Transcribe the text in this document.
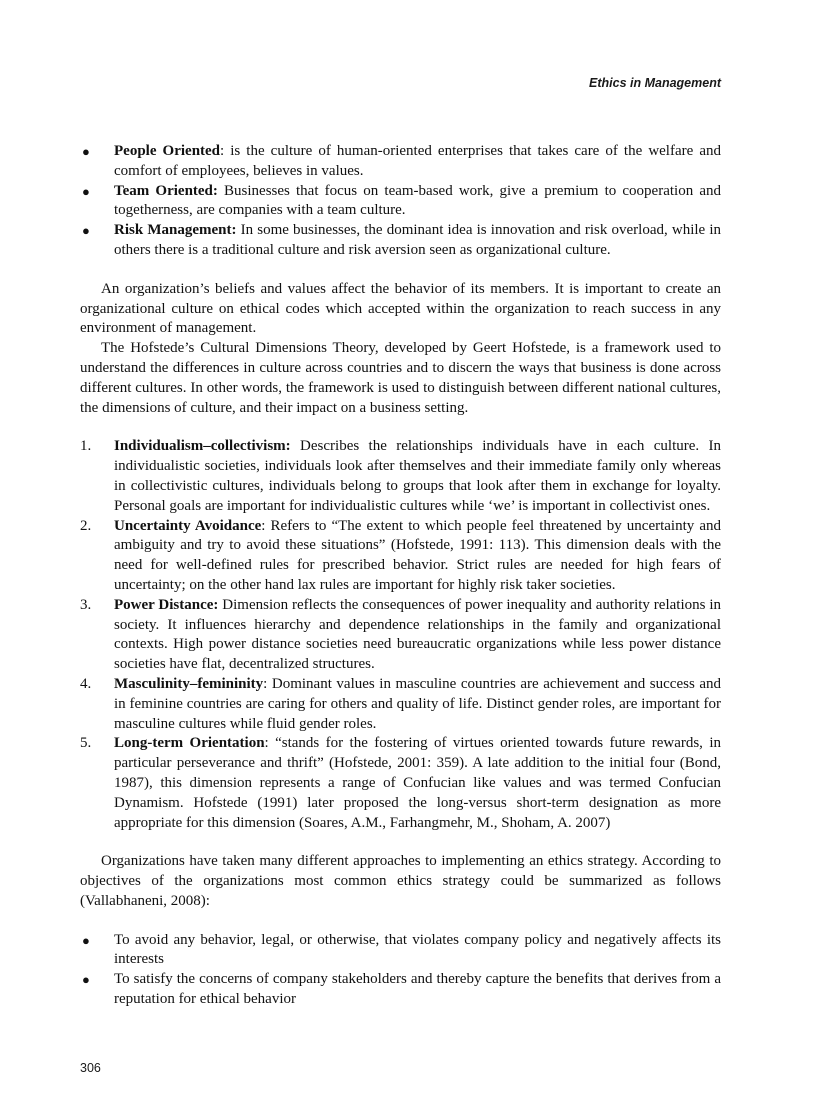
Ethics in Management
● People Oriented: is the culture of human-oriented enterprises that takes care of the welfare and comfort of employees, believes in values.
● Team Oriented: Businesses that focus on team-based work, give a premium to cooperation and togetherness, are companies with a team culture.
● Risk Management: In some businesses, the dominant idea is innovation and risk overload, while in others there is a traditional culture and risk aversion seen as organizational culture.

An organization’s beliefs and values affect the behavior of its members. It is important to create an organizational culture on ethical codes which accepted within the organization to reach success in any environment of management.

The Hofstede’s Cultural Dimensions Theory, developed by Geert Hofstede, is a framework used to understand the differences in culture across countries and to discern the ways that business is done across different cultures. In other words, the framework is used to distinguish between different national cultures, the dimensions of culture, and their impact on a business setting.

1. Individualism–collectivism: Describes the relationships individuals have in each culture. In individualistic societies, individuals look after themselves and their immediate family only whereas in collectivistic cultures, individuals belong to groups that look after them in exchange for loyalty. Personal goals are important for individualistic cultures while ‘we’ is important in collectivist ones.
2. Uncertainty Avoidance: Refers to “The extent to which people feel threatened by uncertainty and ambiguity and try to avoid these situations” (Hofstede, 1991: 113). This dimension deals with the need for well-defined rules for prescribed behavior. Strict rules are needed for high fears of uncertainty; on the other hand lax rules are important for highly risk taker societies.
3. Power Distance: Dimension reflects the consequences of power inequality and authority relations in society. It influences hierarchy and dependence relationships in the family and organizational contexts. High power distance societies need bureaucratic organizations while less power distance societies have flat, decentralized structures.
4. Masculinity–femininity: Dominant values in masculine countries are achievement and success and in feminine countries are caring for others and quality of life. Distinct gender roles, are important for masculine cultures while fluid gender roles.
5. Long-term Orientation: “stands for the fostering of virtues oriented towards future rewards, in particular perseverance and thrift” (Hofstede, 2001: 359). A late addition to the initial four (Bond, 1987), this dimension represents a range of Confucian like values and was termed Confucian Dynamism. Hofstede (1991) later proposed the long-versus short-term designation as more appropriate for this dimension (Soares, A.M., Farhangmehr, M., Shoham, A. 2007)

Organizations have taken many different approaches to implementing an ethics strategy. According to objectives of the organizations most common ethics strategy could be summarized as follows (Vallabhaneni, 2008):

● To avoid any behavior, legal, or otherwise, that violates company policy and negatively affects its interests
● To satisfy the concerns of company stakeholders and thereby capture the benefits that derives from a reputation for ethical behavior
306
